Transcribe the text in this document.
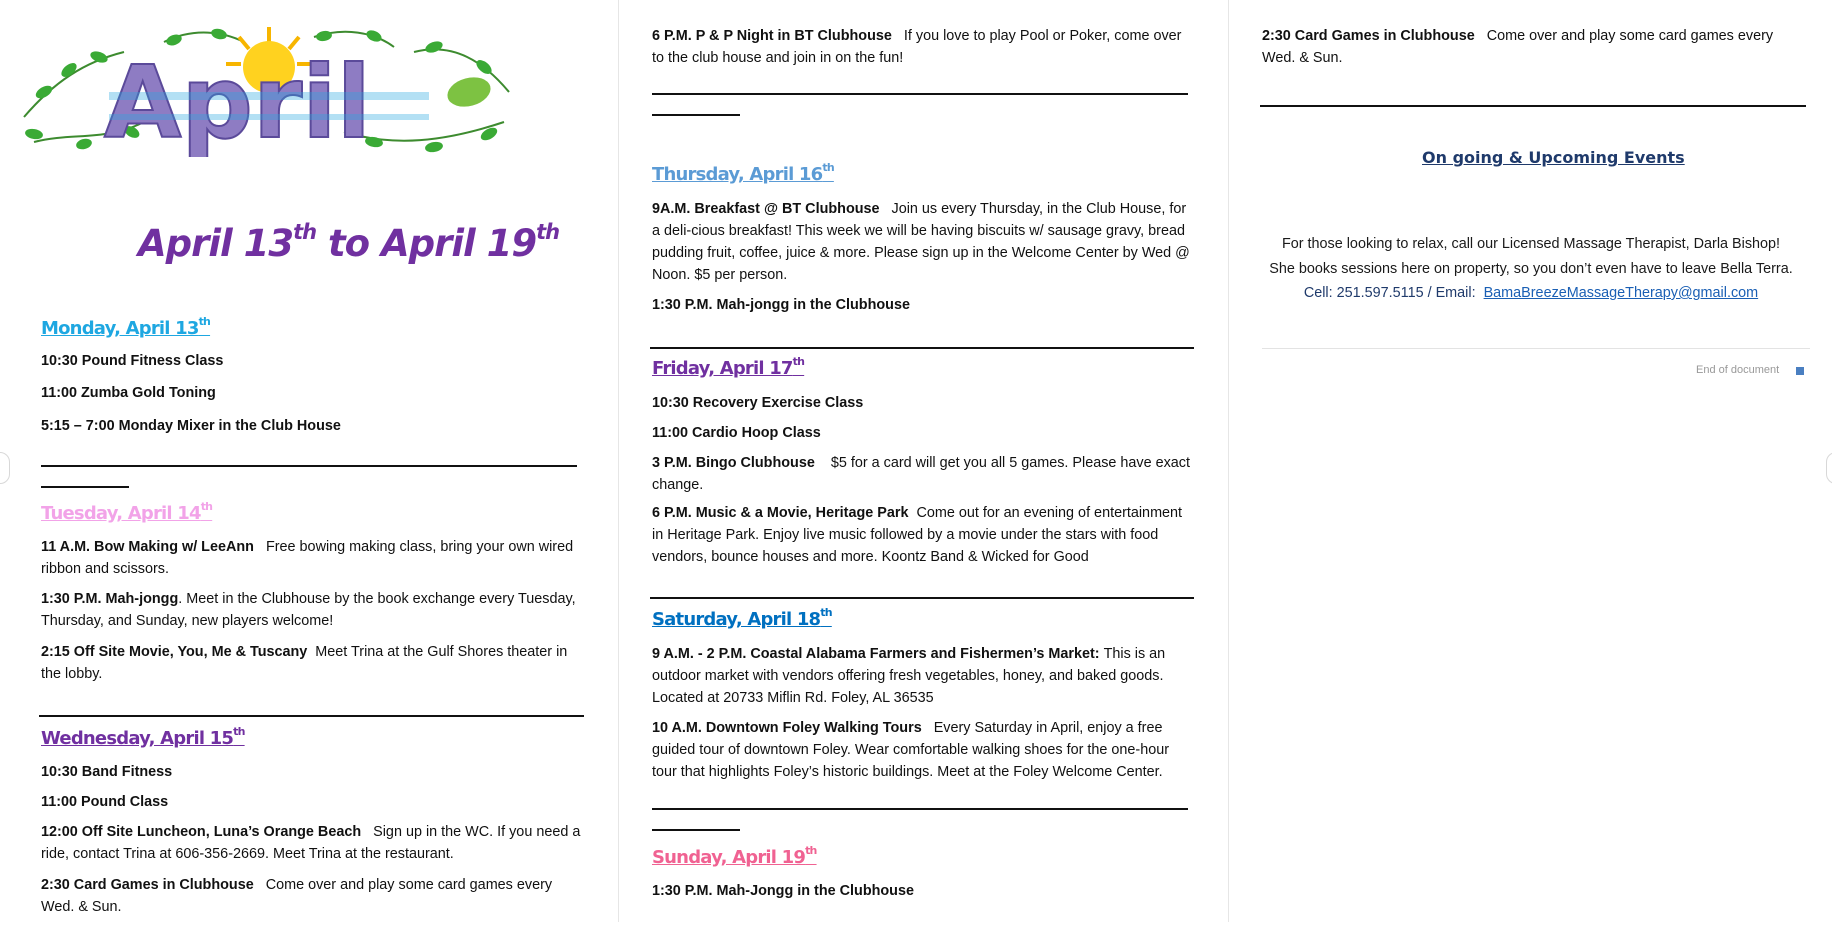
April
April 13th to April 19th
Monday, April 13th
10:30 Pound Fitness Class
11:00 Zumba Gold Toning
5:15 – 7:00 Monday Mixer in the Club House
Tuesday, April 14th
11 A.M. Bow Making w/ LeeAnn Free bowing making class, bring your own wired ribbon and scissors.
1:30 P.M. Mah-jongg. Meet in the Clubhouse by the book exchange every Tuesday, Thursday, and Sunday, new players welcome!
2:15 Off Site Movie, You, Me & Tuscany Meet Trina at the Gulf Shores theater in the lobby.
Wednesday, April 15th
10:30 Band Fitness
11:00 Pound Class
12:00 Off Site Luncheon, Luna’s Orange Beach Sign up in the WC. If you need a ride, contact Trina at 606-356-2669. Meet Trina at the restaurant.
2:30 Card Games in Clubhouse Come over and play some card games every Wed. & Sun.
6 P.M. P & P Night in BT Clubhouse If you love to play Pool or Poker, come over to the club house and join in on the fun!
Thursday, April 16th
9A.M. Breakfast @ BT Clubhouse Join us every Thursday, in the Club House, for a deli-cious breakfast! This week we will be having biscuits w/ sausage gravy, bread pudding fruit, coffee, juice & more. Please sign up in the Welcome Center by Wed @ Noon. $5 per person.
1:30 P.M. Mah-jongg in the Clubhouse
Friday, April 17th
10:30 Recovery Exercise Class
11:00 Cardio Hoop Class
3 P.M. Bingo Clubhouse $5 for a card will get you all 5 games. Please have exact change.
6 P.M. Music & a Movie, Heritage Park Come out for an evening of entertainment in Heritage Park. Enjoy live music followed by a movie under the stars with food vendors, bounce houses and more. Koontz Band & Wicked for Good
Saturday, April 18th
9 A.M. - 2 P.M. Coastal Alabama Farmers and Fishermen’s Market: This is an outdoor market with vendors offering fresh vegetables, honey, and baked goods. Located at 20733 Miflin Rd. Foley, AL 36535
10 A.M. Downtown Foley Walking Tours Every Saturday in April, enjoy a free guided tour of downtown Foley. Wear comfortable walking shoes for the one-hour tour that highlights Foley’s historic buildings. Meet at the Foley Welcome Center.
Sunday, April 19th
1:30 P.M. Mah-Jongg in the Clubhouse
2:30 Card Games in Clubhouse Come over and play some card games every Wed. & Sun.
On going & Upcoming Events
For those looking to relax, call our Licensed Massage Therapist, Darla Bishop!
She books sessions here on property, so you don’t even have to leave Bella Terra.
Cell: 251.597.5115 / Email: BamaBreezeMassageTherapy@gmail.com
End of document
